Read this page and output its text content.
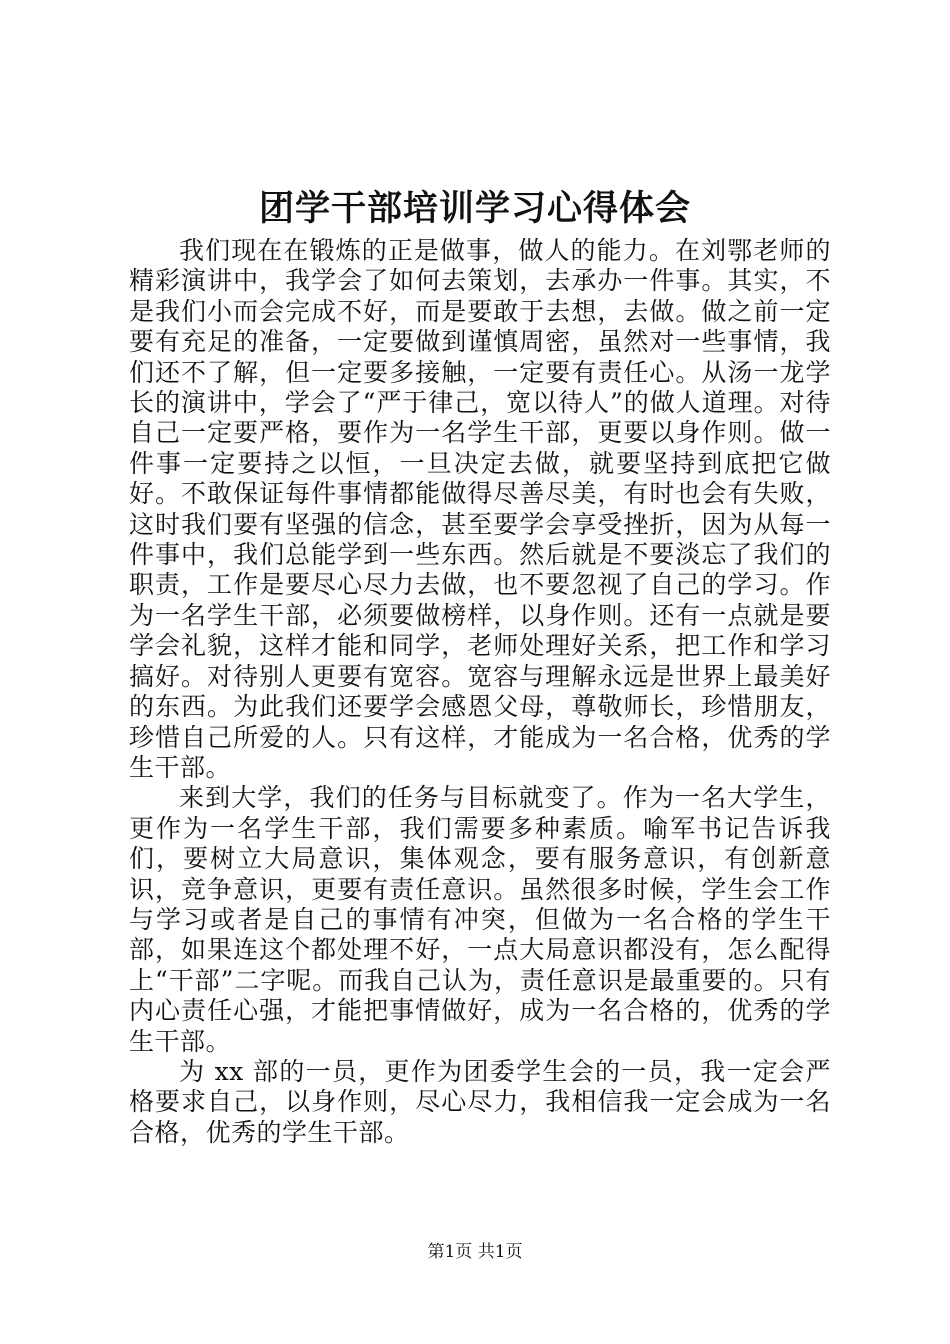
团学干部培训学习心得体会

我们现在在锻炼的正是做事，做人的能力。在刘鄂老师的精彩演讲中，我学会了如何去策划，去承办一件事。其实，不是我们小而会完成不好，而是要敢于去想，去做。做之前一定要有充足的准备，一定要做到谨慎周密，虽然对一些事情，我们还不了解，但一定要多接触，一定要有责任心。从汤一龙学长的演讲中，学会了“严于律己，宽以待人”的做人道理。对待自己一定要严格，要作为一名学生干部，更要以身作则。做一件事一定要持之以恒，一旦决定去做，就要坚持到底把它做好。不敢保证每件事情都能做得尽善尽美，有时也会有失败，这时我们要有坚强的信念，甚至要学会享受挫折，因为从每一件事中，我们总能学到一些东西。然后就是不要淡忘了我们的职责，工作是要尽心尽力去做，也不要忽视了自己的学习。作为一名学生干部，必须要做榜样，以身作则。还有一点就是要学会礼貌，这样才能和同学，老师处理好关系，把工作和学习搞好。对待别人更要有宽容。宽容与理解永远是世界上最美好的东西。为此我们还要学会感恩父母，尊敬师长，珍惜朋友，珍惜自己所爱的人。只有这样，才能成为一名合格，优秀的学生干部。

来到大学，我们的任务与目标就变了。作为一名大学生，更作为一名学生干部，我们需要多种素质。喻军书记告诉我们，要树立大局意识，集体观念，要有服务意识，有创新意识，竞争意识，更要有责任意识。虽然很多时候，学生会工作与学习或者是自己的事情有冲突，但做为一名合格的学生干部，如果连这个都处理不好，一点大局意识都没有，怎么配得上“干部”二字呢。而我自己认为，责任意识是最重要的。只有内心责任心强，才能把事情做好，成为一名合格的，优秀的学生干部。

为 xx 部的一员，更作为团委学生会的一员，我一定会严格要求自己，以身作则，尽心尽力，我相信我一定会成为一名合格，优秀的学生干部。

第1页 共1页
